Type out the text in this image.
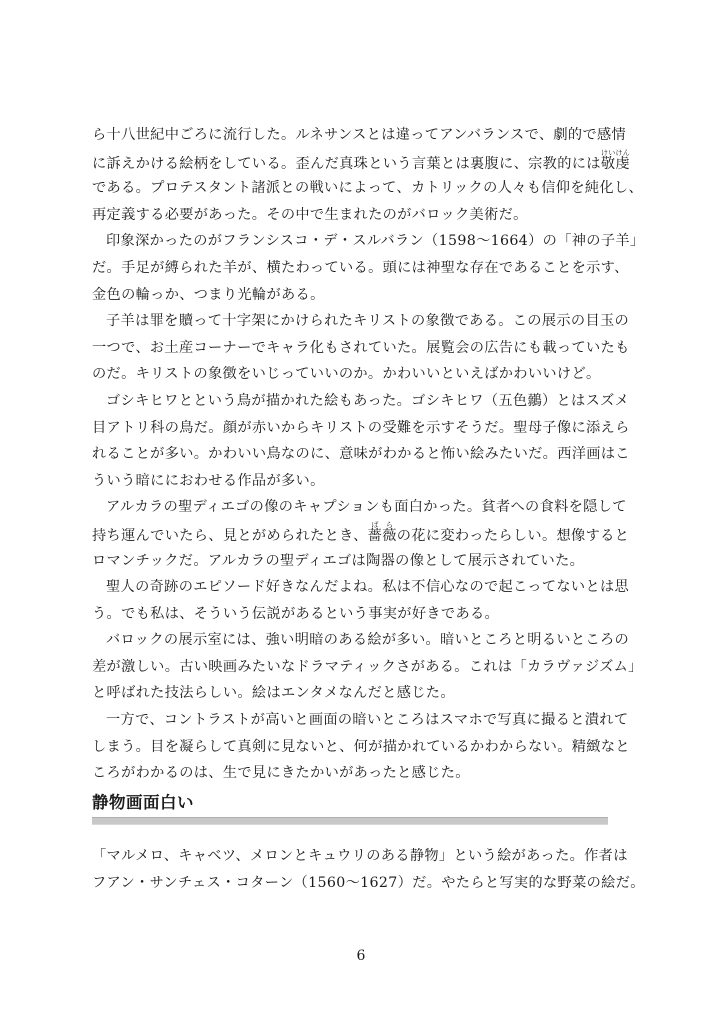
ら十八世紀中ごろに流行した。ルネサンスとは違ってアンバランスで、劇的で感情
に訴えかける絵柄をしている。歪んだ真珠という言葉とは裏腹に、宗教的には敬虔けいけん
である。プロテスタント諸派との戦いによって、カトリックの人々も信仰を純化し、
再定義する必要があった。その中で生まれたのがバロック美術だ。
印象深かったのがフランシスコ・デ・スルバラン（1598～1664）の「神の子羊」
だ。手足が縛られた羊が、横たわっている。頭には神聖な存在であることを示す、
金色の輪っか、つまり光輪がある。
子羊は罪を贖って十字架にかけられたキリストの象徴である。この展示の目玉の
一つで、お土産コーナーでキャラ化もされていた。展覧会の広告にも載っていたも
のだ。キリストの象徴をいじっていいのか。かわいいといえばかわいいけど。
ゴシキヒワとという鳥が描かれた絵もあった。ゴシキヒワ（五色鶸）とはスズメ
目アトリ科の鳥だ。顔が赤いからキリストの受難を示すそうだ。聖母子像に添えら
れることが多い。かわいい鳥なのに、意味がわかると怖い絵みたいだ。西洋画はこ
ういう暗ににおわせる作品が多い。
アルカラの聖ディエゴの像のキャプションも面白かった。貧者への食料を隠して
持ち運んでいたら、見とがめられたとき、薔薇ばらの花に変わったらしい。想像すると
ロマンチックだ。アルカラの聖ディエゴは陶器の像として展示されていた。
聖人の奇跡のエピソード好きなんだよね。私は不信心なので起こってないとは思
う。でも私は、そういう伝説があるという事実が好きである。
バロックの展示室には、強い明暗のある絵が多い。暗いところと明るいところの
差が激しい。古い映画みたいなドラマティックさがある。これは「カラヴァジズム」
と呼ばれた技法らしい。絵はエンタメなんだと感じた。
一方で、コントラストが高いと画面の暗いところはスマホで写真に撮ると潰れて
しまう。目を凝らして真剣に見ないと、何が描かれているかわからない。精緻なと
ころがわかるのは、生で見にきたかいがあったと感じた。
静物画面白い
「マルメロ、キャベツ、メロンとキュウリのある静物」という絵があった。作者は
フアン・サンチェス・コターン（1560～1627）だ。やたらと写実的な野菜の絵だ。
6
